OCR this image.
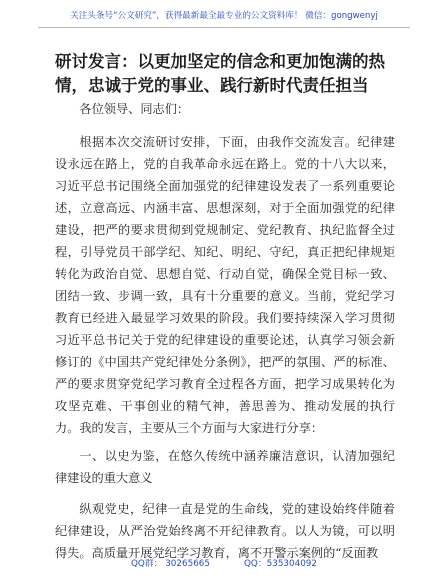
关注头条号“公文研究”，获得最新最全最专业的公文资料库！ 微信：gongwenyj
研讨发言：以更加坚定的信念和更加饱满的热情，忠诚于党的事业、践行新时代责任担当

各位领导、同志们：

根据本次交流研讨安排，下面，由我作交流发言。纪律建设永远在路上，党的自我革命永远在路上。党的十八大以来，习近平总书记围绕全面加强党的纪律建设发表了一系列重要论述，立意高远、内涵丰富、思想深刻，对于全面加强党的纪律建设，把严的要求贯彻到党规制定、党纪教育、执纪监督全过程，引导党员干部学纪、知纪、明纪、守纪，真正把纪律规矩转化为政治自觉、思想自觉、行动自觉，确保全党目标一致、团结一致、步调一致，具有十分重要的意义。当前，党纪学习教育已经进入最显学习效果的阶段。我们要持续深入学习贯彻习近平总书记关于党的纪律建设的重要论述，认真学习领会新修订的《中国共产党纪律处分条例》，把严的氛围、严的标准、严的要求贯穿党纪学习教育全过程各方面，把学习成果转化为攻坚克难、干事创业的精气神，善思善为、推动发展的执行力。我的发言，主要从三个方面与大家进行分享：

一、以史为鉴，在悠久传统中涵养廉洁意识，认清加强纪律建设的重大意义

纵观党史，纪律一直是党的生命线，党的建设始终伴随着纪律建设，从严治党始终离不开纪律教育。以人为镜，可以明得失。高质量开展党纪学习教育，离不开警示案例的“反面教

QQ群： 30265665	QQ：535304092
